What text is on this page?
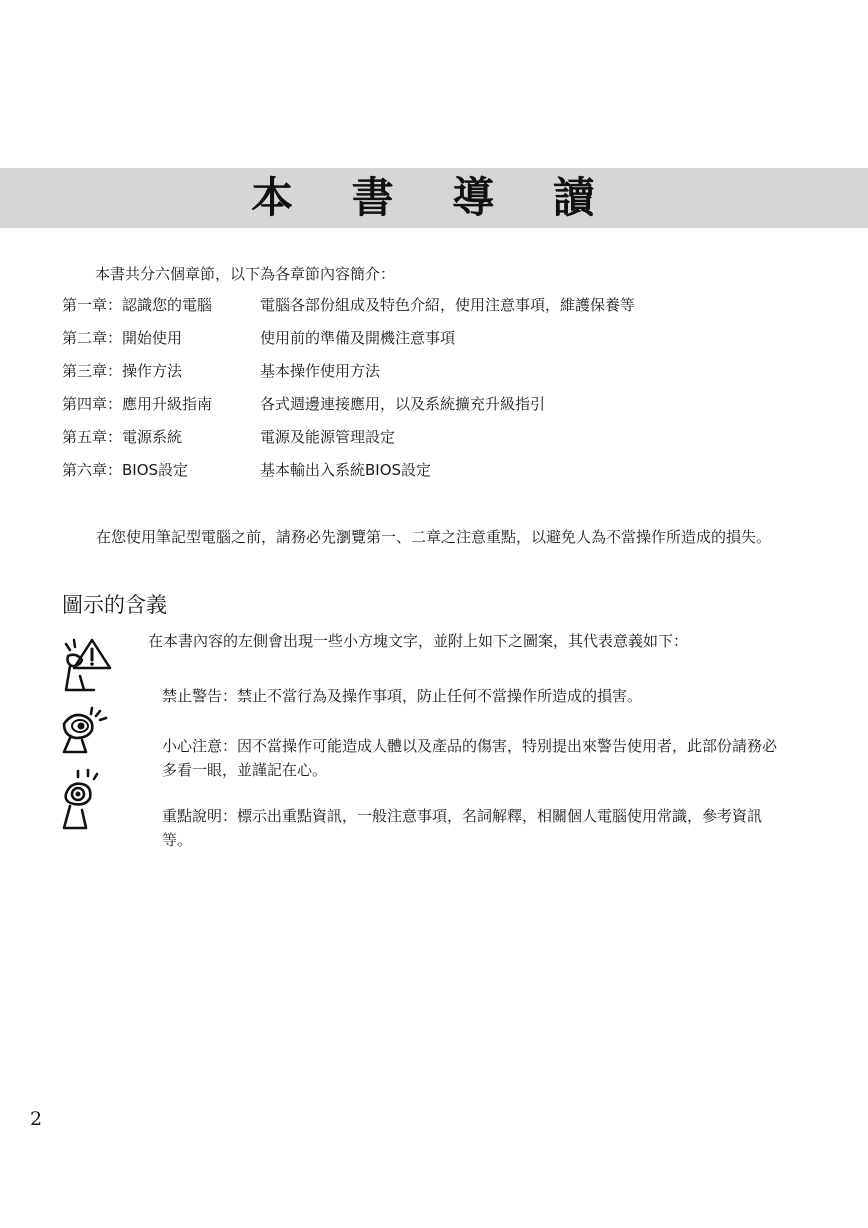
本 書 導 讀
本書共分六個章節，以下為各章節內容簡介：
第一章：認識您的電腦	電腦各部份組成及特色介紹，使用注意事項，維護保養等
第二章：開始使用	使用前的準備及開機注意事項
第三章：操作方法	基本操作使用方法
第四章：應用升級指南	各式週邊連接應用，以及系統擴充升級指引
第五章：電源系統	電源及能源管理設定
第六章：BIOS設定	基本輸出入系統BIOS設定
在您使用筆記型電腦之前，請務必先瀏覽第一、二章之注意重點，以避免人為不當操作所造成的損失。
圖示的含義
在本書內容的左側會出現一些小方塊文字，並附上如下之圖案，其代表意義如下：
禁止警告：禁止不當行為及操作事項，防止任何不當操作所造成的損害。
小心注意：因不當操作可能造成人體以及產品的傷害，特別提出來警告使用者，此部份請務必多看一眼，並謹記在心。
重點說明：標示出重點資訊，一般注意事項，名詞解釋，相關個人電腦使用常識，參考資訊等。
2
